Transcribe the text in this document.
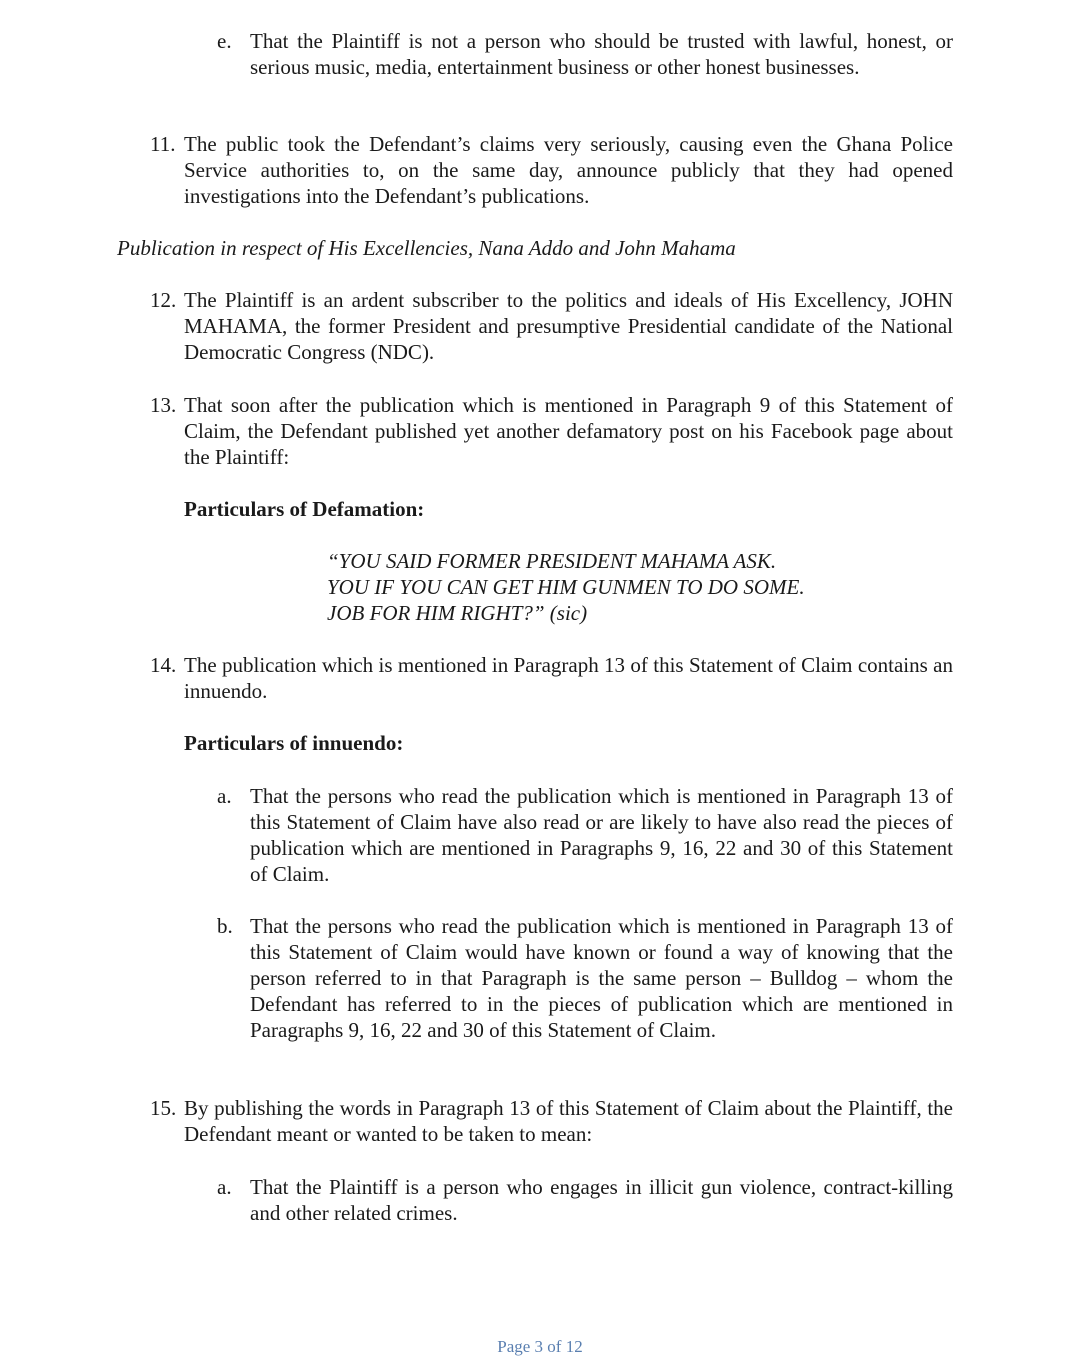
e. That the Plaintiff is not a person who should be trusted with lawful, honest, or serious music, media, entertainment business or other honest businesses.
11. The public took the Defendant’s claims very seriously, causing even the Ghana Police Service authorities to, on the same day, announce publicly that they had opened investigations into the Defendant’s publications.
Publication in respect of His Excellencies, Nana Addo and John Mahama
12. The Plaintiff is an ardent subscriber to the politics and ideals of His Excellency, JOHN MAHAMA, the former President and presumptive Presidential candidate of the National Democratic Congress (NDC).
13. That soon after the publication which is mentioned in Paragraph 9 of this Statement of Claim, the Defendant published yet another defamatory post on his Facebook page about the Plaintiff:
Particulars of Defamation:
“YOU SAID FORMER PRESIDENT MAHAMA ASK.
YOU IF YOU CAN GET HIM GUNMEN TO DO SOME.
JOB FOR HIM RIGHT?” (sic)
14. The publication which is mentioned in Paragraph 13 of this Statement of Claim contains an innuendo.
Particulars of innuendo:
a. That the persons who read the publication which is mentioned in Paragraph 13 of this Statement of Claim have also read or are likely to have also read the pieces of publication which are mentioned in Paragraphs 9, 16, 22 and 30 of this Statement of Claim.
b. That the persons who read the publication which is mentioned in Paragraph 13 of this Statement of Claim would have known or found a way of knowing that the person referred to in that Paragraph is the same person – Bulldog – whom the Defendant has referred to in the pieces of publication which are mentioned in Paragraphs 9, 16, 22 and 30 of this Statement of Claim.
15. By publishing the words in Paragraph 13 of this Statement of Claim about the Plaintiff, the Defendant meant or wanted to be taken to mean:
a. That the Plaintiff is a person who engages in illicit gun violence, contract-killing and other related crimes.
Page 3 of 12
